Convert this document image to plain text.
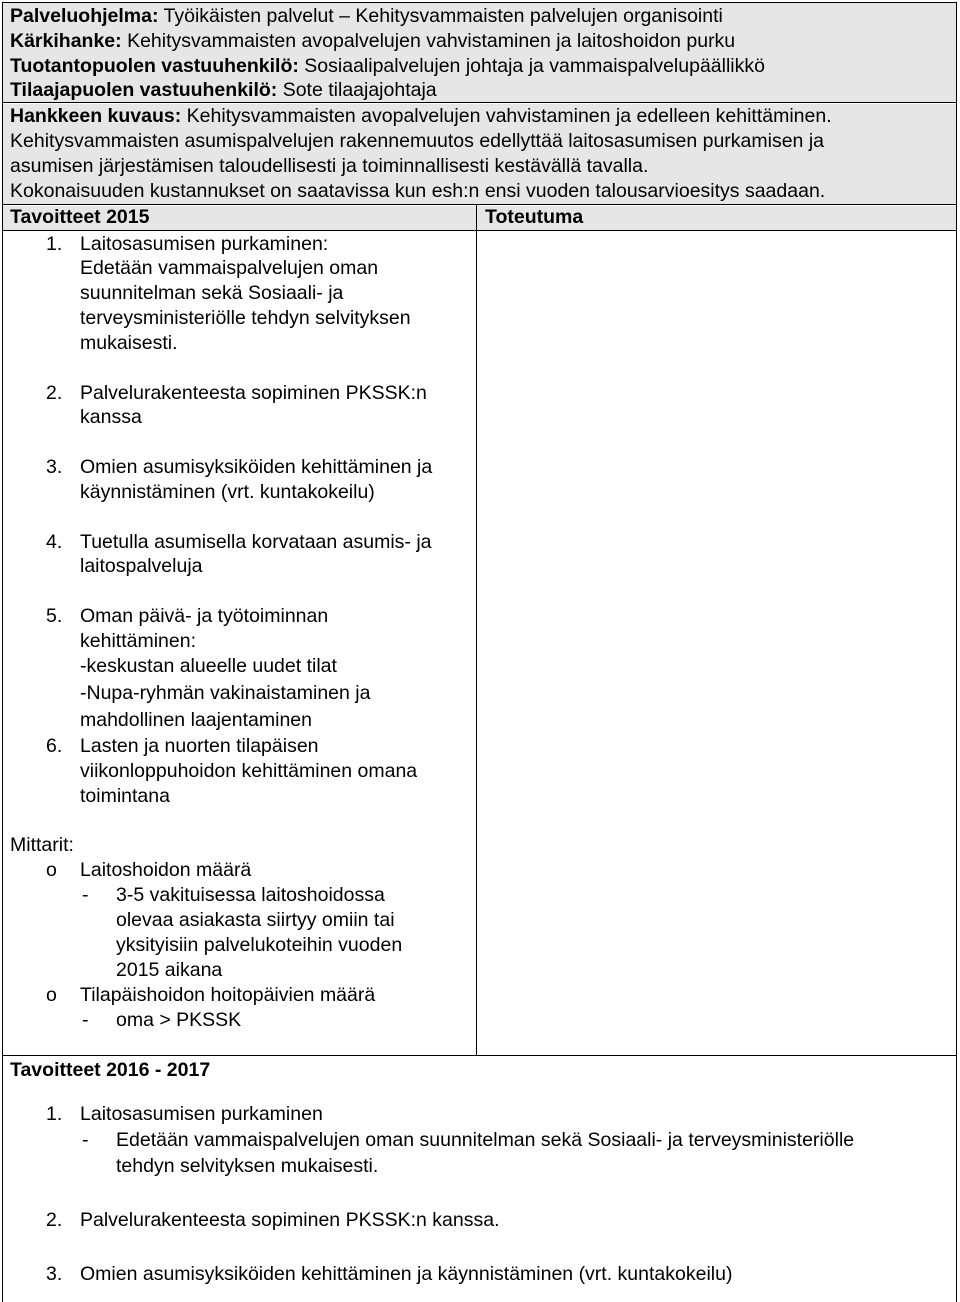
Palveluohjelma: Työikäisten palvelut – Kehitysvammaisten palvelujen organisointi
Kärkihanke: Kehitysvammaisten avopalvelujen vahvistaminen ja laitoshoidon purku
Tuotantopuolen vastuuhenkilö: Sosiaalipalvelujen johtaja ja vammaispalvelupäällikkö
Tilaajapuolen vastuuhenkilö: Sote tilaajajohtaja
Hankkeen kuvaus: Kehitysvammaisten avopalvelujen vahvistaminen ja edelleen kehittäminen.
Kehitysvammaisten asumispalvelujen rakennemuutos edellyttää laitosasumisen purkamisen ja
asumisen järjestämisen taloudellisesti ja toiminnallisesti kestävällä tavalla.
Kokonaisuuden kustannukset on saatavissa kun esh:n ensi vuoden talousarvioesitys saadaan.
Tavoitteet 2015	Toteutuma
1. Laitosasumisen purkaminen:
Edetään vammaispalvelujen oman
suunnitelman sekä Sosiaali- ja
terveysministeriölle tehdyn selvityksen
mukaisesti.
2. Palvelurakenteesta sopiminen PKSSK:n
kanssa
3. Omien asumisyksiköiden kehittäminen ja
käynnistäminen (vrt. kuntakokeilu)
4. Tuetulla asumisella korvataan asumis- ja
laitospalveluja
5. Oman päivä- ja työtoiminnan
kehittäminen:
-keskustan alueelle uudet tilat
-Nupa-ryhmän vakinaistaminen ja
mahdollinen laajentaminen
6. Lasten ja nuorten tilapäisen
viikonloppuhoidon kehittäminen omana
toimintana
Mittarit:
o Laitoshoidon määrä
- 3-5 vakituisessa laitoshoidossa
olevaa asiakasta siirtyy omiin tai
yksityisiin palvelukoteihin vuoden
2015 aikana
o Tilapäishoidon hoitopäivien määrä
- oma > PKSSK
Tavoitteet 2016 - 2017
1. Laitosasumisen purkaminen
- Edetään vammaispalvelujen oman suunnitelman sekä Sosiaali- ja terveysministeriölle
tehdyn selvityksen mukaisesti.
2. Palvelurakenteesta sopiminen PKSSK:n kanssa.
3. Omien asumisyksiköiden kehittäminen ja käynnistäminen (vrt. kuntakokeilu)
